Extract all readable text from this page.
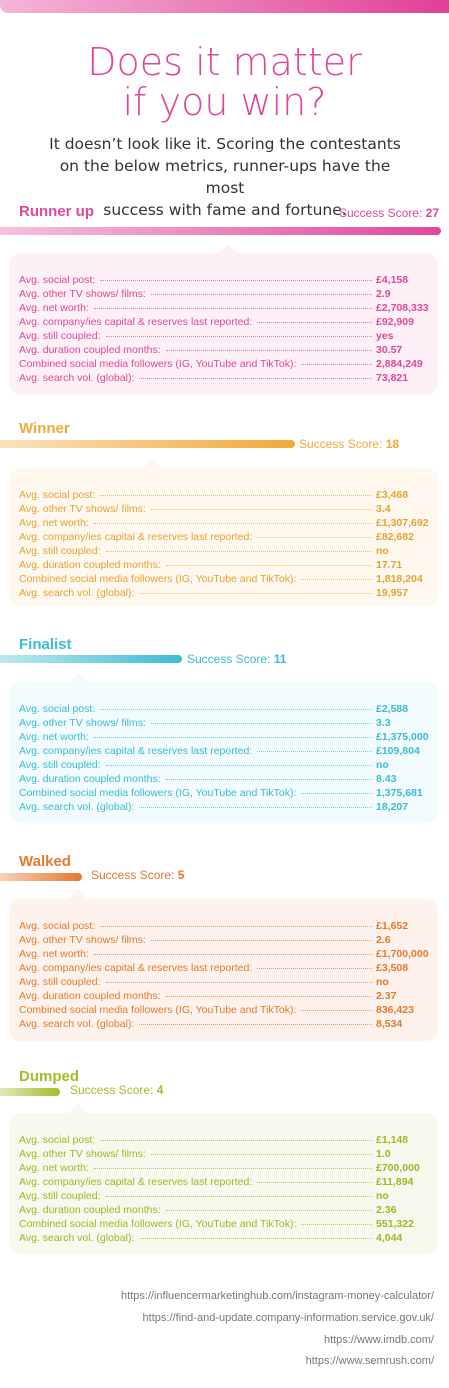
Does it matter
if you win?
It doesn’t look like it. Scoring the contestants
on the below metrics, runner-ups have the most
success with fame and fortune.
Runner up	Success Score: 27
Avg. social post:	£4,158
Avg. other TV shows/ films:	2.9
Avg. net worth:	£2,708,333
Avg. company/ies capital & reserves last reported:	£92,909
Avg. still coupled:	yes
Avg. duration coupled months:	30.57
Combined social media followers (IG, YouTube and TikTok):	2,884,249
Avg. search vol. (global):	73,821
Winner
Success Score: 18
Avg. social post:	£3,468
Avg. other TV shows/ films:	3.4
Avg. net worth:	£1,307,692
Avg. company/ies capital & reserves last reported:	£82,682
Avg. still coupled:	no
Avg. duration coupled months:	17.71
Combined social media followers (IG, YouTube and TikTok):	1,818,204
Avg. search vol. (global):	19,957
Finalist
Success Score: 11
Avg. social post:	£2,588
Avg. other TV shows/ films:	3.3
Avg. net worth:	£1,375,000
Avg. company/ies capital & reserves last reported:	£109,804
Avg. still coupled:	no
Avg. duration coupled months:	8.43
Combined social media followers (IG, YouTube and TikTok):	1,375,681
Avg. search vol. (global):	18,207
Walked
Success Score: 5
Avg. social post:	£1,652
Avg. other TV shows/ films:	2.6
Avg. net worth:	£1,700,000
Avg. company/ies capital & reserves last reported:	£3,508
Avg. still coupled:	no
Avg. duration coupled months:	2.37
Combined social media followers (IG, YouTube and TikTok):	836,423
Avg. search vol. (global):	8,534
Dumped
Success Score: 4
Avg. social post:	£1,148
Avg. other TV shows/ films:	1.0
Avg. net worth:	£700,000
Avg. company/ies capital & reserves last reported:	£11,894
Avg. still coupled:	no
Avg. duration coupled months:	2.36
Combined social media followers (IG, YouTube and TikTok):	551,322
Avg. search vol. (global):	4,044
https://influencermarketinghub.com/instagram-money-calculator/
https://find-and-update.company-information.service.gov.uk/
https://www.imdb.com/
https://www.semrush.com/
